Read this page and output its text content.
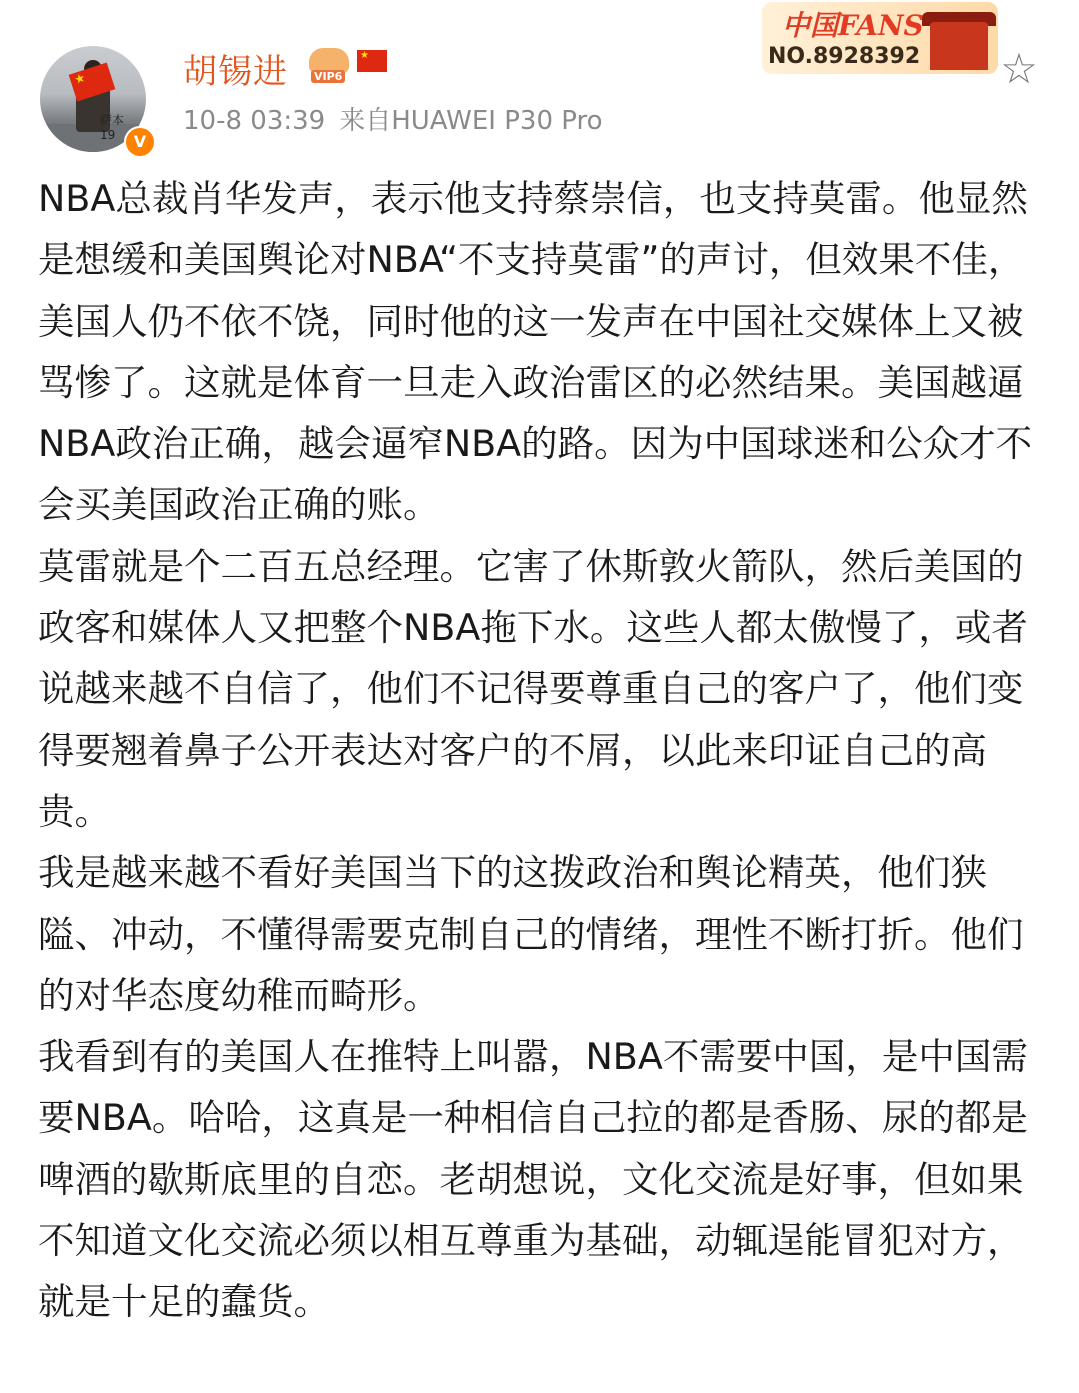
萨本
19
★
V
胡锡进 VIP6
★
10-8 03:39 来自HUAWEI P30 Pro
中国FANS
NO.8928392 ☆

NBA总裁肖华发声，表示他支持蔡崇信，也支持莫雷。他显然是想缓和美国舆论对NBA“不支持莫雷”的声讨，但效果不佳，美国人仍不依不饶，同时他的这一发声在中国社交媒体上又被骂惨了。这就是体育一旦走入政治雷区的必然结果。美国越逼NBA政治正确，越会逼窄NBA的路。因为中国球迷和公众才不会买美国政治正确的账。

莫雷就是个二百五总经理。它害了休斯敦火箭队，然后美国的政客和媒体人又把整个NBA拖下水。这些人都太傲慢了，或者说越来越不自信了，他们不记得要尊重自己的客户了，他们变得要翘着鼻子公开表达对客户的不屑，以此来印证自己的高贵。

我是越来越不看好美国当下的这拨政治和舆论精英，他们狭隘、冲动，不懂得需要克制自己的情绪，理性不断打折。他们的对华态度幼稚而畸形。

我看到有的美国人在推特上叫嚣，NBA不需要中国，是中国需要NBA。哈哈，这真是一种相信自己拉的都是香肠、尿的都是啤酒的歇斯底里的自恋。老胡想说，文化交流是好事，但如果不知道文化交流必须以相互尊重为基础，动辄逞能冒犯对方，就是十足的蠢货。
